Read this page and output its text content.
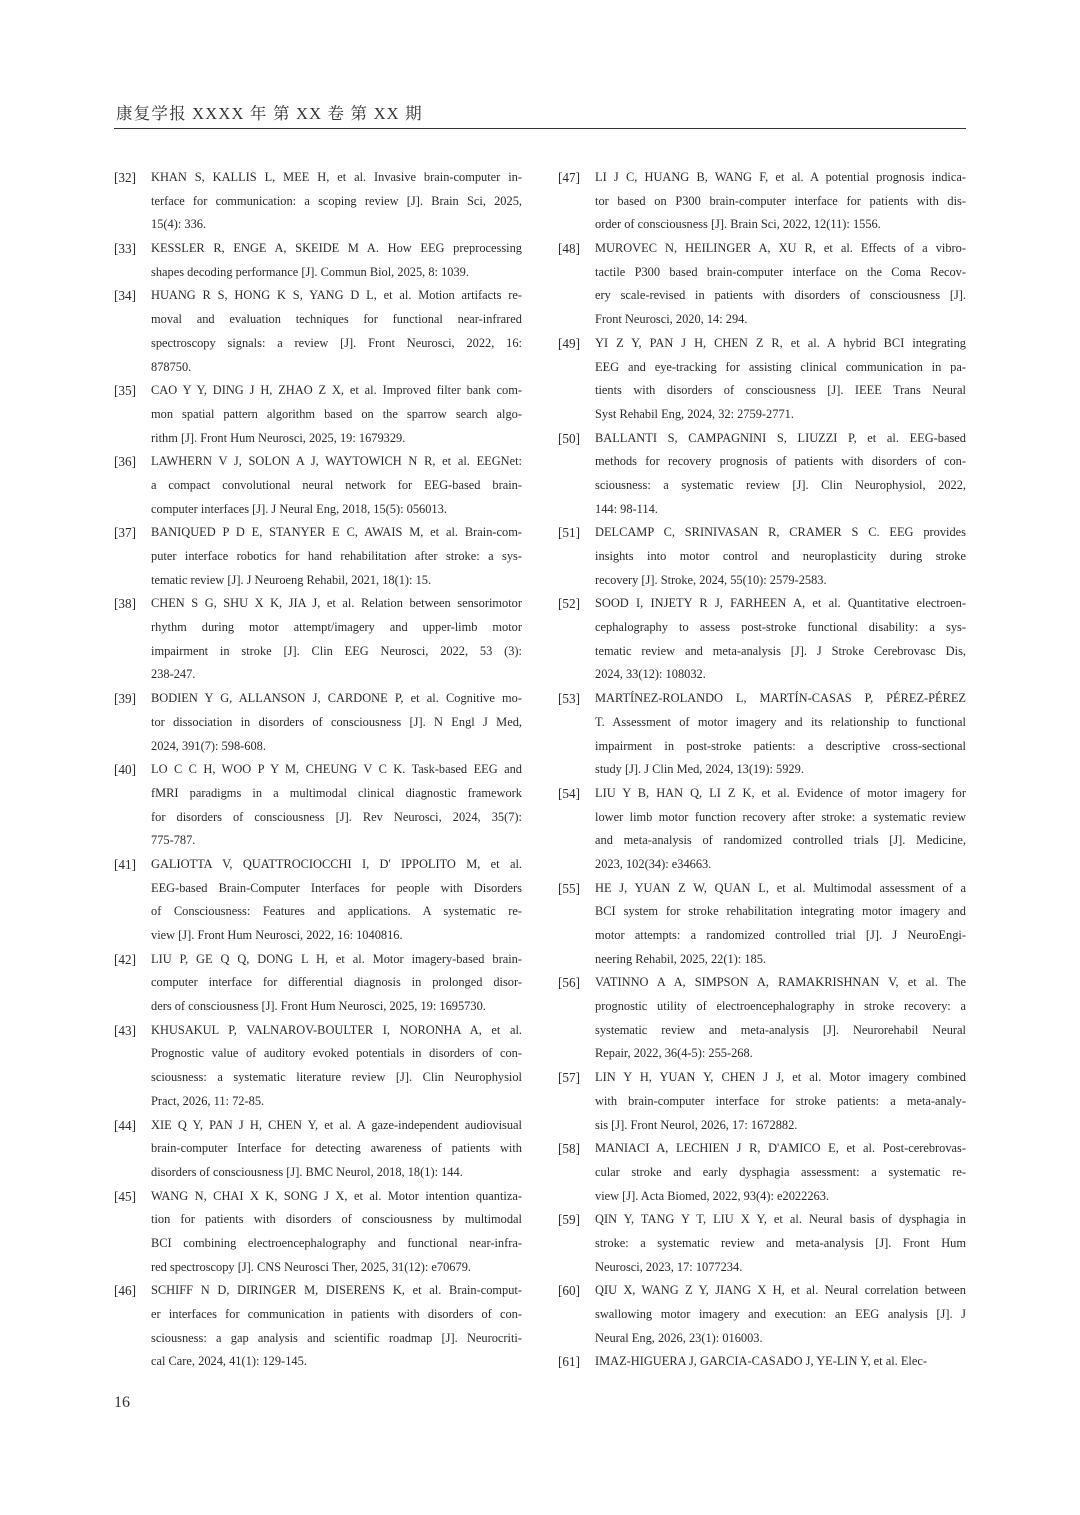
康复学报 XXXX 年 第 XX 卷 第 XX 期
[32] KHAN S, KALLIS L, MEE H, et al. Invasive brain-computer in-
terface for communication: a scoping review [J]. Brain Sci, 2025,
15(4): 336.
[33] KESSLER R, ENGE A, SKEIDE M A. How EEG preprocessing
shapes decoding performance [J]. Commun Biol, 2025, 8: 1039.
[34] HUANG R S, HONG K S, YANG D L, et al. Motion artifacts re-
moval and evaluation techniques for functional near-infrared
spectroscopy signals: a review [J]. Front Neurosci, 2022, 16:
878750.
[35] CAO Y Y, DING J H, ZHAO Z X, et al. Improved filter bank com-
mon spatial pattern algorithm based on the sparrow search algo-
rithm [J]. Front Hum Neurosci, 2025, 19: 1679329.
[36] LAWHERN V J, SOLON A J, WAYTOWICH N R, et al. EEGNet:
a compact convolutional neural network for EEG-based brain-
computer interfaces [J]. J Neural Eng, 2018, 15(5): 056013.
[37] BANIQUED P D E, STANYER E C, AWAIS M, et al. Brain-com-
puter interface robotics for hand rehabilitation after stroke: a sys-
tematic review [J]. J Neuroeng Rehabil, 2021, 18(1): 15.
[38] CHEN S G, SHU X K, JIA J, et al. Relation between sensorimotor
rhythm during motor attempt/imagery and upper-limb motor
impairment in stroke [J]. Clin EEG Neurosci, 2022, 53 (3):
238-247.
[39] BODIEN Y G, ALLANSON J, CARDONE P, et al. Cognitive mo-
tor dissociation in disorders of consciousness [J]. N Engl J Med,
2024, 391(7): 598-608.
[40] LO C C H, WOO P Y M, CHEUNG V C K. Task-based EEG and
fMRI paradigms in a multimodal clinical diagnostic framework
for disorders of consciousness [J]. Rev Neurosci, 2024, 35(7):
775-787.
[41] GALIOTTA V, QUATTROCIOCCHI I, D' IPPOLITO M, et al.
EEG-based Brain-Computer Interfaces for people with Disorders
of Consciousness: Features and applications. A systematic re-
view [J]. Front Hum Neurosci, 2022, 16: 1040816.
[42] LIU P, GE Q Q, DONG L H, et al. Motor imagery-based brain-
computer interface for differential diagnosis in prolonged disor-
ders of consciousness [J]. Front Hum Neurosci, 2025, 19: 1695730.
[43] KHUSAKUL P, VALNAROV-BOULTER I, NORONHA A, et al.
Prognostic value of auditory evoked potentials in disorders of con-
sciousness: a systematic literature review [J]. Clin Neurophysiol
Pract, 2026, 11: 72-85.
[44] XIE Q Y, PAN J H, CHEN Y, et al. A gaze-independent audiovisual
brain-computer Interface for detecting awareness of patients with
disorders of consciousness [J]. BMC Neurol, 2018, 18(1): 144.
[45] WANG N, CHAI X K, SONG J X, et al. Motor intention quantiza-
tion for patients with disorders of consciousness by multimodal
BCI combining electroencephalography and functional near-infra-
red spectroscopy [J]. CNS Neurosci Ther, 2025, 31(12): e70679.
[46] SCHIFF N D, DIRINGER M, DISERENS K, et al. Brain-comput-
er interfaces for communication in patients with disorders of con-
sciousness: a gap analysis and scientific roadmap [J]. Neurocriti-
cal Care, 2024, 41(1): 129-145.
[47] LI J C, HUANG B, WANG F, et al. A potential prognosis indica-
tor based on P300 brain-computer interface for patients with dis-
order of consciousness [J]. Brain Sci, 2022, 12(11): 1556.
[48] MUROVEC N, HEILINGER A, XU R, et al. Effects of a vibro-
tactile P300 based brain-computer interface on the Coma Recov-
ery scale-revised in patients with disorders of consciousness [J].
Front Neurosci, 2020, 14: 294.
[49] YI Z Y, PAN J H, CHEN Z R, et al. A hybrid BCI integrating
EEG and eye-tracking for assisting clinical communication in pa-
tients with disorders of consciousness [J]. IEEE Trans Neural
Syst Rehabil Eng, 2024, 32: 2759-2771.
[50] BALLANTI S, CAMPAGNINI S, LIUZZI P, et al. EEG-based
methods for recovery prognosis of patients with disorders of con-
sciousness: a systematic review [J]. Clin Neurophysiol, 2022,
144: 98-114.
[51] DELCAMP C, SRINIVASAN R, CRAMER S C. EEG provides
insights into motor control and neuroplasticity during stroke
recovery [J]. Stroke, 2024, 55(10): 2579-2583.
[52] SOOD I, INJETY R J, FARHEEN A, et al. Quantitative electroen-
cephalography to assess post-stroke functional disability: a sys-
tematic review and meta-analysis [J]. J Stroke Cerebrovasc Dis,
2024, 33(12): 108032.
[53] MARTÍNEZ-ROLANDO L, MARTÍN-CASAS P, PÉREZ-PÉREZ
T. Assessment of motor imagery and its relationship to functional
impairment in post-stroke patients: a descriptive cross-sectional
study [J]. J Clin Med, 2024, 13(19): 5929.
[54] LIU Y B, HAN Q, LI Z K, et al. Evidence of motor imagery for
lower limb motor function recovery after stroke: a systematic review
and meta-analysis of randomized controlled trials [J]. Medicine,
2023, 102(34): e34663.
[55] HE J, YUAN Z W, QUAN L, et al. Multimodal assessment of a
BCI system for stroke rehabilitation integrating motor imagery and
motor attempts: a randomized controlled trial [J]. J NeuroEngi-
neering Rehabil, 2025, 22(1): 185.
[56] VATINNO A A, SIMPSON A, RAMAKRISHNAN V, et al. The
prognostic utility of electroencephalography in stroke recovery: a
systematic review and meta-analysis [J]. Neurorehabil Neural
Repair, 2022, 36(4-5): 255-268.
[57] LIN Y H, YUAN Y, CHEN J J, et al. Motor imagery combined
with brain-computer interface for stroke patients: a meta-analy-
sis [J]. Front Neurol, 2026, 17: 1672882.
[58] MANIACI A, LECHIEN J R, D'AMICO E, et al. Post-cerebrovas-
cular stroke and early dysphagia assessment: a systematic re-
view [J]. Acta Biomed, 2022, 93(4): e2022263.
[59] QIN Y, TANG Y T, LIU X Y, et al. Neural basis of dysphagia in
stroke: a systematic review and meta-analysis [J]. Front Hum
Neurosci, 2023, 17: 1077234.
[60] QIU X, WANG Z Y, JIANG X H, et al. Neural correlation between
swallowing motor imagery and execution: an EEG analysis [J]. J
Neural Eng, 2026, 23(1): 016003.
[61] IMAZ-HIGUERA J, GARCIA-CASADO J, YE-LIN Y, et al. Elec-
16
